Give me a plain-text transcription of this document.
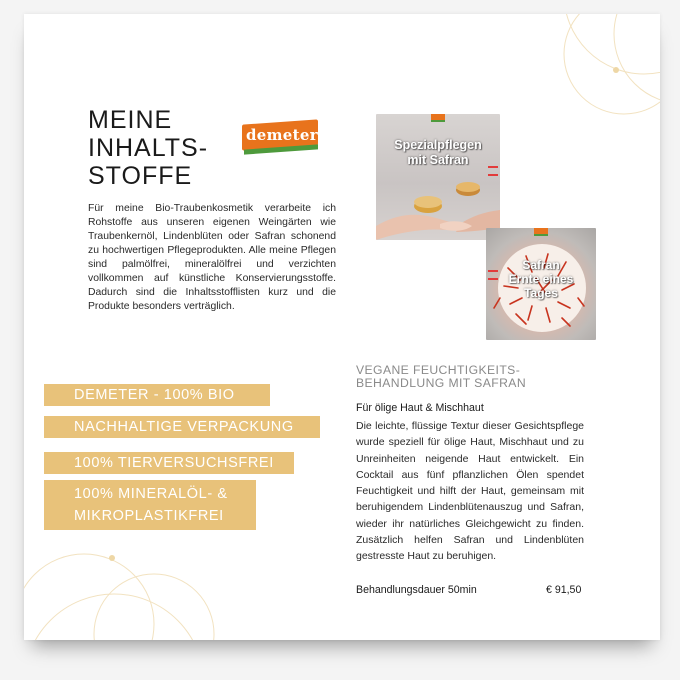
MEINE
INHALTS-
STOFFE
demeter

Für meine Bio-Traubenkosmetik verarbeite ich Rohstoffe aus unseren eigenen Weingärten wie Traubenkernöl, Lindenblüten oder Safran schonend zu hochwertigen Pflegeprodukten. Alle meine Pflegen sind palmölfrei, mineralölfrei und verzichten vollkommen auf künstliche Konservierungsstoffe. Dadurch sind die Inhaltsstofflisten kurz und die Produkte besonders verträglich.

Spezialpflegen
mit Safran
Safran
Ernte eines
Tages
DEMETER - 100% BIO
NACHHALTIGE VERPACKUNG
100% TIERVERSUCHSFREI
100% MINERALÖL- &
MIKROPLASTIKFREI
VEGANE FEUCHTIGKEITS-
BEHANDLUNG MIT SAFRAN

Für ölige Haut & Mischhaut

Die leichte, flüssige Textur dieser Gesichtspflege wurde speziell für ölige Haut, Mischhaut und zu Unreinheiten neigende Haut entwickelt. Ein Cocktail aus fünf pflanzlichen Ölen spendet Feuchtigkeit und hilft der Haut, gemeinsam mit beruhigendem Lindenblütenauszug und Safran, wieder ihr natürliches Gleichgewicht zu finden. Zusätzlich helfen Safran und Lindenblüten gestresste Haut zu beruhigen.

Behandlungsdauer 50min	€ 91,50
